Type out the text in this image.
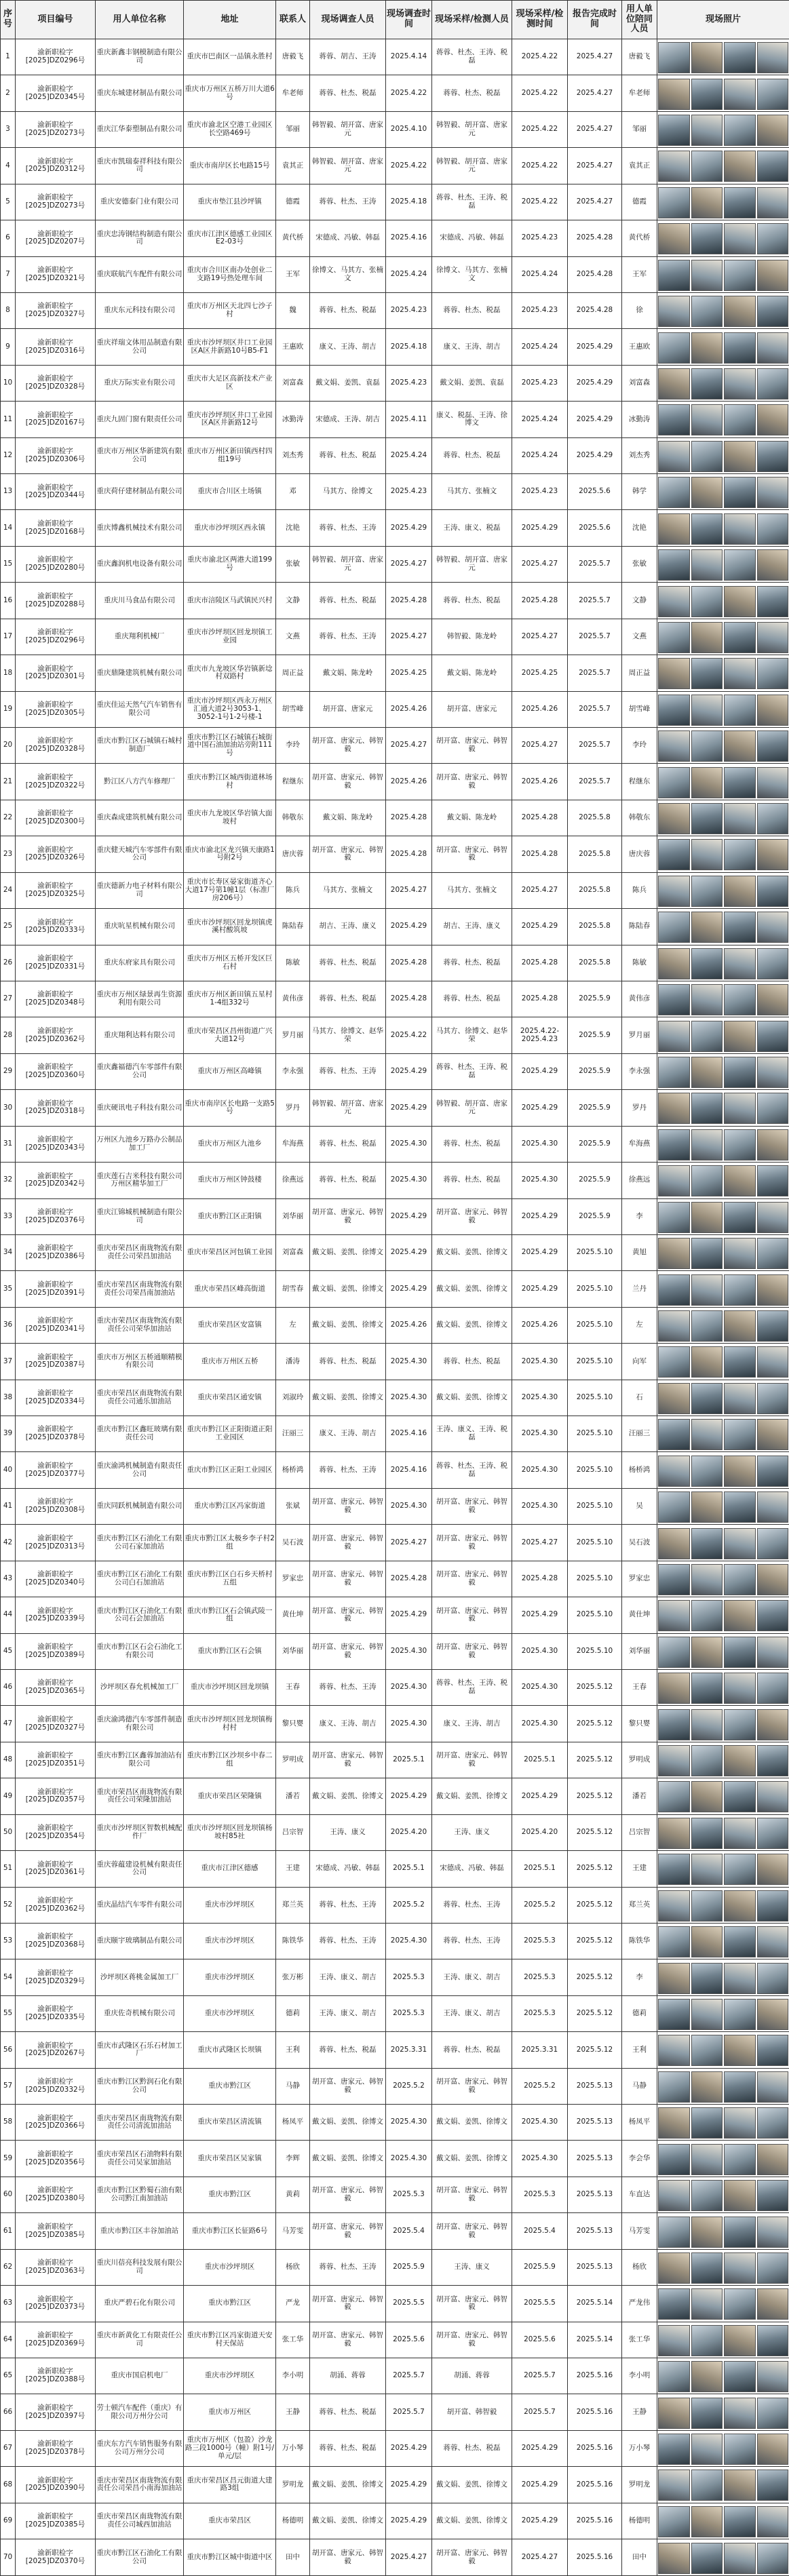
序号	项目编号	用人单位名称	地址	联系人	现场调查人员	现场调查时间	现场采样/检测人员	现场采样/检测时间	报告完成时间	用人单位陪同人员	现场照片
1	渝新职检字[2025]DZ0296号	重庆新鑫丰钢模制造有限公司	重庆市巴南区一品镇永胜村	唐毅飞	蒋蓉、胡吉、王涛	2025.4.14	蒋蓉、杜杰、王涛、税磊	2025.4.22	2025.4.27	唐毅飞	

2	渝新职检字[2025]DZ0345号	重庆东城建材制品有限公司	重庆市万州区五桥万川大道6号	牟老师	蒋蓉、杜杰、税磊	2025.4.22	蒋蓉、杜杰、税磊	2025.4.22	2025.4.27	牟老师	

3	渝新职检字[2025]DZ0273号	重庆江华泰塑制品有限公司	重庆市渝北区空港工业园区长空路469号	邹丽	韩智毅、胡开富、唐家元	2025.4.10	韩智毅、胡开富、唐家元	2025.4.22	2025.4.27	邹丽	

4	渝新职检字[2025]DZ0312号	重庆市凯瑞泰祥科技有限公司	重庆市南岸区长电路15号	袁其正	韩智毅、胡开富、唐家元	2025.4.22	韩智毅、胡开富、唐家元	2025.4.22	2025.4.27	袁其正	

5	渝新职检字[2025]DZ0273号	重庆安德泰门业有限公司	重庆市垫江县沙坪镇	德霞	蒋蓉、杜杰、王涛	2025.4.18	蒋蓉、杜杰、王涛、税磊	2025.4.22	2025.4.27	德霞	

6	渝新职检字[2025]DZ0207号	重庆忠涛钢结构制造有限公司	重庆市江津区德感工业园区E2-03号	黄代桥	宋德成、冯敏、韩磊	2025.4.16	宋德成、冯敏、韩磊	2025.4.23	2025.4.28	黄代桥	

7	渝新职检字[2025]DZ0321号	重庆联航汽车配件有限公司	重庆市合川区南办处创业二支路19号热处理车间	王军	徐博文、马其方、张楠文	2025.4.24	徐博文、马其方、张楠文	2025.4.24	2025.4.28	王军	

8	渝新职检字[2025]DZ0327号	重庆东元科技有限公司	重庆市万州区天北四七沙子村	魏	蒋蓉、杜杰、税磊	2025.4.23	蒋蓉、杜杰、税磊	2025.4.23	2025.4.28	徐	

9	渝新职检字[2025]DZ0316号	重庆祥瑞文体用品制造有限公司	重庆市沙坪坝区井口工业园区A区井新路10号B5-F1	王惠欧	康义、王涛、胡吉	2025.4.18	康义、王涛、胡吉	2025.4.24	2025.4.29	王惠欧	

10	渝新职检字[2025]DZ0328号	重庆万际实业有限公司	重庆市大足区高新技术产业区	刘富森	戴文娟、姜凯、袁磊	2025.4.23	戴文娟、姜凯、袁磊	2025.4.23	2025.4.29	刘富森	

11	渝新职检字[2025]DZ0167号	重庆九固门窗有限责任公司	重庆市沙坪坝区井口工业园区A区井新路12号	冰勤涛	宋德成、王涛、胡吉	2025.4.11	康义、税磊、王涛、徐博文	2025.4.24	2025.4.29	冰勤涛	

12	渝新职检字[2025]DZ0306号	重庆市万州区华新建筑有限公司	重庆市万州区新田镇西村四组19号	刘杰秀	蒋蓉、杜杰、税磊	2025.4.24	蒋蓉、杜杰、税磊	2025.4.24	2025.4.29	刘杰秀	

13	渝新职检字[2025]DZ0344号	重庆荷仔建材制品有限公司	重庆市合川区土场镇	邓	马其方、徐博文	2025.4.23	马其方、张楠文	2025.4.23	2025.5.6	韩学	

14	渝新职检字[2025]DZ0168号	重庆博鑫机械技术有限公司	重庆市沙坪坝区西永镇	沈艳	蒋蓉、杜杰、王涛	2025.4.29	王涛、康义、税磊	2025.4.29	2025.5.6	沈艳	

15	渝新职检字[2025]DZ0280号	重庆鑫润机电设备有限公司	重庆市渝北区两港大道199号	张敏	韩智毅、胡开富、唐家元	2025.4.27	韩智毅、胡开富、唐家元	2025.4.27	2025.5.7	张敏	

16	渝新职检字[2025]DZ0288号	重庆川马食品有限公司	重庆市涪陵区马武镇民兴村	文静	蒋蓉、杜杰、税磊	2025.4.28	蒋蓉、杜杰、税磊	2025.4.28	2025.5.7	文静	

17	渝新职检字[2025]DZ0296号	重庆翔利机械厂	重庆市沙坪坝区回龙坝镇工业园	文燕	蒋蓉、杜杰、王涛	2025.4.27	韩智毅、陈龙岭	2025.4.27	2025.5.7	文燕	

18	渝新职检字[2025]DZ0301号	重庆鼎隆建筑机械有限公司	重庆市九龙坡区华岩镇新埝村双路村	周正益	戴文娟、陈龙岭	2025.4.25	戴文娟、陈龙岭	2025.4.25	2025.5.7	周正益	

19	渝新职检字[2025]DZ0305号	重庆佳运天然气汽车销售有限公司	重庆市沙坪坝区西永万州区汇通大道2号3053-1、3052-1号1-2号楼-1	胡雪峰	胡开富、唐家元	2025.4.26	胡开富、唐家元	2025.4.26	2025.5.7	胡雪峰	

20	渝新职检字[2025]DZ0328号	重庆市黔江区石城镇石城村制造厂	重庆市黔江区石城镇石城街道中国石油加油站旁附111号	李玲	胡开富、唐家元、韩智毅	2025.4.27	胡开富、唐家元、韩智毅	2025.4.27	2025.5.7	李玲	

21	渝新职检字[2025]DZ0322号	黔江区八方汽车修理厂	重庆市黔江区城西街道林场村	程继东	胡开富、唐家元、韩智毅	2025.4.26	胡开富、唐家元、韩智毅	2025.4.26	2025.5.7	程继东	

22	渝新职检字[2025]DZ0300号	重庆森成建筑机械有限公司	重庆市九龙坡区华岩镇大面坡村	韩敬东	戴文娟、陈龙岭	2025.4.28	戴文娟、陈龙岭	2025.4.28	2025.5.8	韩敬东	

23	渝新职检字[2025]DZ0326号	重庆健天城汽车零部件有限公司	重庆市渝北区龙兴镇天康路1号附2号	唐庆蓉	胡开富、唐家元、韩智毅	2025.4.28	胡开富、唐家元、韩智毅	2025.4.28	2025.5.8	唐庆蓉	

24	渝新职检字[2025]DZ0325号	重庆德新力电子材料有限公司	重庆市长寿区晏家街道齐心大道17号第1幢1层（标准厂房206号）	陈兵	马其方、张楠文	2025.4.27	马其方、张楠文	2025.4.27	2025.5.8	陈兵	

25	渝新职检字[2025]DZ0333号	重庆吭星机械有限公司	重庆市沙坪坝区回龙坝镇虎溪村酸筑坡	陈陆春	胡吉、王涛、康义	2025.4.29	胡吉、王涛、康义	2025.4.29	2025.5.8	陈陆春	

26	渝新职检字[2025]DZ0331号	重庆东府家具有限公司	重庆市万州区五桥开发区巨石村	陈敏	蒋蓉、杜杰、税磊	2025.4.28	蒋蓉、杜杰、税磊	2025.4.28	2025.5.8	陈敏	

27	渝新职检字[2025]DZ0348号	重庆市万州区绿景再生资源利用有限公司	重庆市万州区新田镇五星村1-4组332号	黄伟彦	蒋蓉、杜杰、税磊	2025.4.28	蒋蓉、杜杰、税磊	2025.4.28	2025.5.9	黄伟彦	

28	渝新职检字[2025]DZ0362号	重庆翔利达料有限公司	重庆市荣昌区昌州街道广兴大道12号	罗月丽	马其方、徐博文、赵华荣	2025.4.22	马其方、徐博文、赵华荣	2025.4.22-2025.4.23	2025.5.9	罗月丽	

29	渝新职检字[2025]DZ0360号	重庆鑫福德汽车零部件有限公司	重庆市万州区高峰镇	李永强	蒋蓉、杜杰、王涛	2025.4.29	蒋蓉、杜杰、王涛、税磊	2025.4.29	2025.5.9	李永强	

30	渝新职检字[2025]DZ0318号	重庆硬讯电子科技有限公司	重庆市南岸区长电路一支路5号	罗丹	韩智毅、胡开富、唐家元	2025.4.29	韩智毅、胡开富、唐家元	2025.4.29	2025.5.9	罗丹	

31	渝新职检字[2025]DZ0343号	万州区九池乡万路办公制品加工厂	重庆市万州区九池乡	牟海燕	蒋蓉、杜杰、税磊	2025.4.30	蒋蓉、杜杰、税磊	2025.4.30	2025.5.9	牟海燕	

32	渝新职检字[2025]DZ0342号	重庆莲石吉米科技有限公司万州区精华加工厂	重庆市万州区钟鼓楼	徐燕远	蒋蓉、杜杰、税磊	2025.4.30	蒋蓉、杜杰、税磊	2025.4.30	2025.5.9	徐燕远	

33	渝新职检字[2025]DZ0376号	重庆江锦城机械制造有限公司	重庆市黔江区正阳镇	刘华丽	胡开富、唐家元、韩智毅	2025.4.29	胡开富、唐家元、韩智毅	2025.4.29	2025.5.9	李	

34	渝新职检字[2025]DZ0386号	重庆市荣昌区南珑物流有限责任公司荣昌加油站	重庆市荣昌区河包镇工业园	刘富森	戴文娟、姜凯、徐博文	2025.4.29	戴文娟、姜凯、徐博文	2025.4.29	2025.5.10	黄旭	

35	渝新职检字[2025]DZ0391号	重庆市荣昌区南珑物流有限责任公司荣昌南加油站	重庆市荣昌区峰高街道	胡雪春	戴文娟、姜凯、徐博文	2025.4.29	戴文娟、姜凯、徐博文	2025.4.29	2025.5.10	兰丹	

36	渝新职检字[2025]DZ0341号	重庆市荣昌区南珑物流有限责任公司荣华加油站	重庆市荣昌区安富镇	左	戴文娟、姜凯、徐博文	2025.4.26	戴文娟、姜凯、徐博文	2025.4.26	2025.5.10	左	

37	渝新职检字[2025]DZ0387号	重庆市万州区五桥通顺精模有限公司	重庆市万州区五桥	潘涛	蒋蓉、杜杰、税磊	2025.4.30	蒋蓉、杜杰、税磊	2025.4.30	2025.5.10	向军	

38	渝新职检字[2025]DZ0334号	重庆市荣昌区南珑物流有限责任公司通乐加油站	重庆市荣昌区通安镇	刘淑玲	戴文娟、姜凯、徐博文	2025.4.30	戴文娟、姜凯、徐博文	2025.4.30	2025.5.10	石	

39	渝新职检字[2025]DZ0378号	重庆市黔江区鑫旺玻璃有限责任公司	重庆市黔江区正阳街道正阳工业园区	汪丽三	康义、王涛、胡吉	2025.4.16	王涛、康义、王涛、税磊	2025.4.30	2025.5.10	汪丽三	

40	渝新职检字[2025]DZ0377号	重庆渝鸿机械制造有限责任公司	重庆市黔江区正阳工业园区	杨桥鸿	蒋蓉、杜杰、王涛	2025.4.16	蒋蓉、杜杰、王涛、税磊	2025.4.30	2025.5.10	杨桥鸿	

41	渝新职检字[2025]DZ0308号	重庆同跃机械制造有限公司	重庆市黔江区冯家街道	张斌	胡开富、唐家元、韩智毅	2025.4.30	胡开富、唐家元、韩智毅	2025.4.30	2025.5.10	吴	

42	渝新职检字[2025]DZ0313号	重庆市黔江区石油化工有限公司石家加油站	重庆市黔江区太极乡李子村2组	吴石波	胡开富、唐家元、韩智毅	2025.4.27	胡开富、唐家元、韩智毅	2025.4.27	2025.5.10	吴石波	

43	渝新职检字[2025]DZ0340号	重庆市黔江区石油化工有限公司白石加油站	重庆市黔江区白石乡天桥村五组	罗家忠	胡开富、唐家元、韩智毅	2025.4.28	胡开富、唐家元、韩智毅	2025.4.28	2025.5.10	罗家忠	

44	渝新职检字[2025]DZ0339号	重庆市黔江区石油化工有限公司石会加油站	重庆市黔江区石会镇武陵一组	黄仕坤	胡开富、唐家元、韩智毅	2025.4.29	胡开富、唐家元、韩智毅	2025.4.29	2025.5.10	黄仕坤	

45	渝新职检字[2025]DZ0389号	重庆市黔江区石会石油化工有限公司	重庆市黔江区石会镇	刘华丽	胡开富、唐家元、韩智毅	2025.4.30	胡开富、唐家元、韩智毅	2025.4.30	2025.5.10	刘华丽	

46	渝新职检字[2025]DZ0365号	沙坪坝区春允机械加工厂	重庆市沙坪坝区回龙坝镇	王春	蒋蓉、杜杰、王涛	2025.4.30	蒋蓉、杜杰、王涛、税磊	2025.4.30	2025.5.12	王春	

47	渝新职检字[2025]DZ0327号	重庆渝鸿德汽车零部件制造有限公司	重庆市沙坪坝区回龙坝镇梅村村	黎只婴	康义、王涛、胡吉	2025.4.30	康义、王涛、胡吉	2025.4.30	2025.5.12	黎只婴	

48	渝新职检字[2025]DZ0351号	重庆市黔江区鑫蓉加油站有限公司	重庆市黔江区沙坝乡中春二组	罗明成	胡开富、唐家元、韩智毅	2025.5.1	胡开富、唐家元、韩智毅	2025.5.1	2025.5.12	罗明成	

49	渝新职检字[2025]DZ0357号	重庆市荣昌区南珑物流有限责任公司荣隆加油站	重庆市荣昌区荣隆镇	潘若	戴文娟、姜凯、徐博文	2025.4.29	戴文娟、姜凯、徐博文	2025.4.29	2025.5.12	潘若	

50	渝新职检字[2025]DZ0354号	重庆市沙坪坝区智数机械配件厂	重庆市沙坪坝区回龙坝镇杨坡村85社	吕宗智	王涛、康义	2025.4.20	王涛、康义	2025.4.20	2025.5.12	吕宗智	

51	渝新职检字[2025]DZ0361号	重庆蓉蕴建设机械有限责任公司	重庆市江津区德感	王建	宋德成、冯敏、韩磊	2025.5.1	宋德成、冯敏、韩磊	2025.5.1	2025.5.12	王建	

52	渝新职检字[2025]DZ0362号	重庆晶结汽车零件有限公司	重庆市沙坪坝区	郑兰英	蒋蓉、杜杰、王涛	2025.5.2	蒋蓉、杜杰、王涛	2025.5.2	2025.5.12	郑兰英	

53	渝新职检字[2025]DZ0368号	重庆颐宇玻璃制品有限公司	重庆市沙坪坝区	陈铁华	蒋蓉、杜杰、王涛	2025.4.30	蒋蓉、杜杰、王涛	2025.5.3	2025.5.12	陈铁华	

54	渝新职检字[2025]DZ0329号	沙坪坝区蒋桃金属加工厂	重庆市沙坪坝区	张万彬	王涛、康义、胡吉	2025.5.3	王涛、康义、胡吉	2025.5.3	2025.5.12	李	

55	渝新职检字[2025]DZ0335号	重庆佐奇机械有限公司	重庆市沙坪坝区	德莉	王涛、康义、胡吉	2025.5.3	王涛、康义、胡吉	2025.5.3	2025.5.12	德莉	

56	渝新职检字[2025]DZ0267号	重庆市武隆区石乐石材加工厂	重庆市武隆区长坝镇	王利	蒋蓉、杜杰、税磊	2025.3.31	蒋蓉、杜杰、税磊	2025.3.31	2025.5.12	王利	

57	渝新职检字[2025]DZ0332号	重庆市黔江区黔润石化有限公司	重庆市黔江区	马静	胡开富、唐家元、韩智毅	2025.5.2	胡开富、唐家元、韩智毅	2025.5.2	2025.5.13	马静	

58	渝新职检字[2025]DZ0366号	重庆市荣昌区南珑物流有限责任公司清流加油站	重庆市荣昌区清流镇	杨凤平	戴文娟、姜凯、徐博文	2025.4.30	戴文娟、姜凯、徐博文	2025.4.30	2025.5.13	杨凤平	

59	渝新职检字[2025]DZ0356号	重庆市荣昌区石油物料有限责任公司吴家加油站	重庆市荣昌区吴家镇	李辉	戴文娟、姜凯、徐博文	2025.4.30	戴文娟、姜凯、徐博文	2025.4.30	2025.5.13	李会华	

60	渝新职检字[2025]DZ0380号	重庆市黔江区黔蜀石油有限公司黔江南加油站	重庆市黔江区	黄莉	胡开富、唐家元、韩智毅	2025.5.3	胡开富、唐家元、韩智毅	2025.5.3	2025.5.13	车直达	

61	渝新职检字[2025]DZ0385号	重庆市黔江区丰谷加油站	重庆市黔江区长征路6号	马芳雯	胡开富、唐家元、韩智毅	2025.5.4	胡开富、唐家元、韩智毅	2025.5.4	2025.5.13	马芳雯	

62	渝新职检字[2025]DZ0363号	重庆川蓓亮科技发展有限公司	重庆市沙坪坝区	杨欣	蒋蓉、杜杰、王涛	2025.5.9	王涛、康义	2025.5.9	2025.5.13	杨欣	

63	渝新职检字[2025]DZ0373号	重庆严碧石化有限公司	重庆市黔江区	严龙	胡开富、唐家元、韩智毅	2025.5.5	胡开富、唐家元、韩智毅	2025.5.5	2025.5.14	严龙伟	

64	渝新职检字[2025]DZ0369号	重庆市新黄化工有限责任公司	重庆市黔江区冯家街道天安村天保站	张工华	胡开富、唐家元、韩智毅	2025.5.6	胡开富、唐家元、韩智毅	2025.5.6	2025.5.14	张工华	

65	渝新职检字[2025]DZ0388号	重庆市国启机电厂	重庆市沙坪坝区	李小明	胡涌、蒋蓉	2025.5.7	胡涌、蒋蓉	2025.5.7	2025.5.16	李小明	

66	渝新职检字[2025]DZ0397号	劳士顿汽车配件（重庆）有限公司万州分公司	重庆市万州区	王静	蒋蓉、杜杰、税磊	2025.5.7	胡开富、韩智毅	2025.5.7	2025.5.16	王静	

67	渝新职检字[2025]DZ0378号	重庆东方汽车销售服务有限公司万州分公司	重庆市万州区（包盈）沙龙路三段1000号（幢）附1号/单元/层	万小琴	蒋蓉、杜杰、税磊	2025.4.29	蒋蓉、杜杰、税磊	2025.4.29	2025.5.16	万小琴	

68	渝新职检字[2025]DZ0390号	重庆市荣昌区南珑物流有限责任公司荣昌小南海加油站	重庆市荣昌区昌元街道大建路3组	罗明龙	戴文娟、姜凯、徐博文	2025.4.29	戴文娟、姜凯、徐博文	2025.4.29	2025.5.16	罗明龙	

69	渝新职检字[2025]DZ0385号	重庆市荣昌区南珑物流有限责任公司城西加油站	重庆市荣昌区	杨德明	戴文娟、姜凯、徐博文	2025.4.29	戴文娟、姜凯、徐博文	2025.4.29	2025.5.16	杨德明	

70	渝新职检字[2025]DZ0370号	重庆市黔江区石油化工有限公司	重庆市黔江区城中街道中区	田中	胡开富、唐家元、韩智毅	2025.4.27	胡开富、唐家元、韩智毅	2025.4.27	2025.5.16	田中	
